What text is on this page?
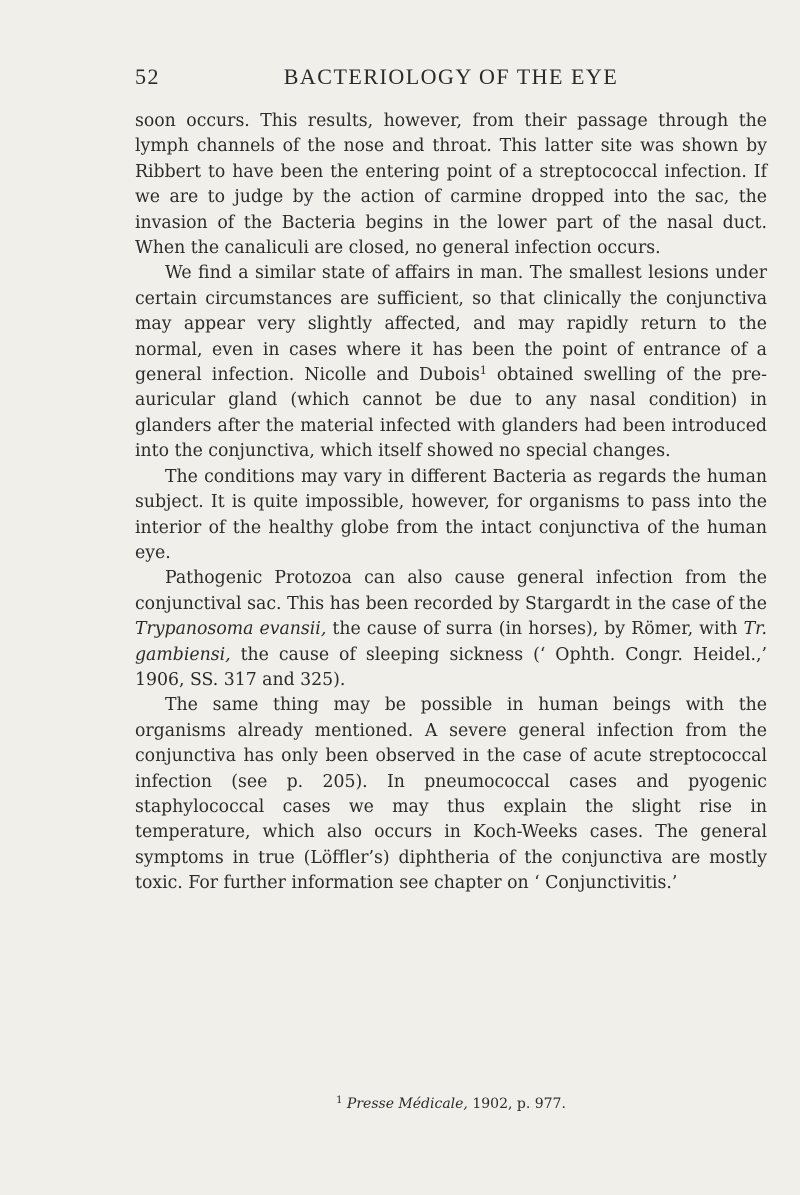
52	BACTERIOLOGY OF THE EYE

soon occurs. This results, however, from their passage through the lymph channels of the nose and throat. This latter site was shown by Ribbert to have been the entering point of a streptococcal infection. If we are to judge by the action of carmine dropped into the sac, the invasion of the Bacteria begins in the lower part of the nasal duct. When the canaliculi are closed, no general infection occurs.

We find a similar state of affairs in man. The smallest lesions under certain circumstances are sufficient, so that clinically the conjunctiva may appear very slightly affected, and may rapidly return to the normal, even in cases where it has been the point of entrance of a general infection. Nicolle and Dubois$^1$ obtained swelling of the pre-auricular gland (which cannot be due to any nasal condition) in glanders after the material infected with glanders had been introduced into the conjunctiva, which itself showed no special changes.

The conditions may vary in different Bacteria as regards the human subject. It is quite impossible, however, for organisms to pass into the interior of the healthy globe from the intact conjunctiva of the human eye.

Pathogenic Protozoa can also cause general infection from the conjunctival sac. This has been recorded by Stargardt in the case of the Trypanosoma evansii, the cause of surra (in horses), by Römer, with Tr. gambiensi, the cause of sleeping sickness (‘ Ophth. Congr. Heidel.,’ 1906, SS. 317 and 325).

The same thing may be possible in human beings with the organisms already mentioned. A severe general infection from the conjunctiva has only been observed in the case of acute streptococcal infection (see p. 205). In pneumococcal cases and pyogenic staphylococcal cases we may thus explain the slight rise in temperature, which also occurs in Koch-Weeks cases. The general symptoms in true (Löffler’s) diphtheria of the conjunctiva are mostly toxic. For further information see chapter on ‘ Conjunctivitis.’

$^1$ Presse Médicale, 1902, p. 977.
